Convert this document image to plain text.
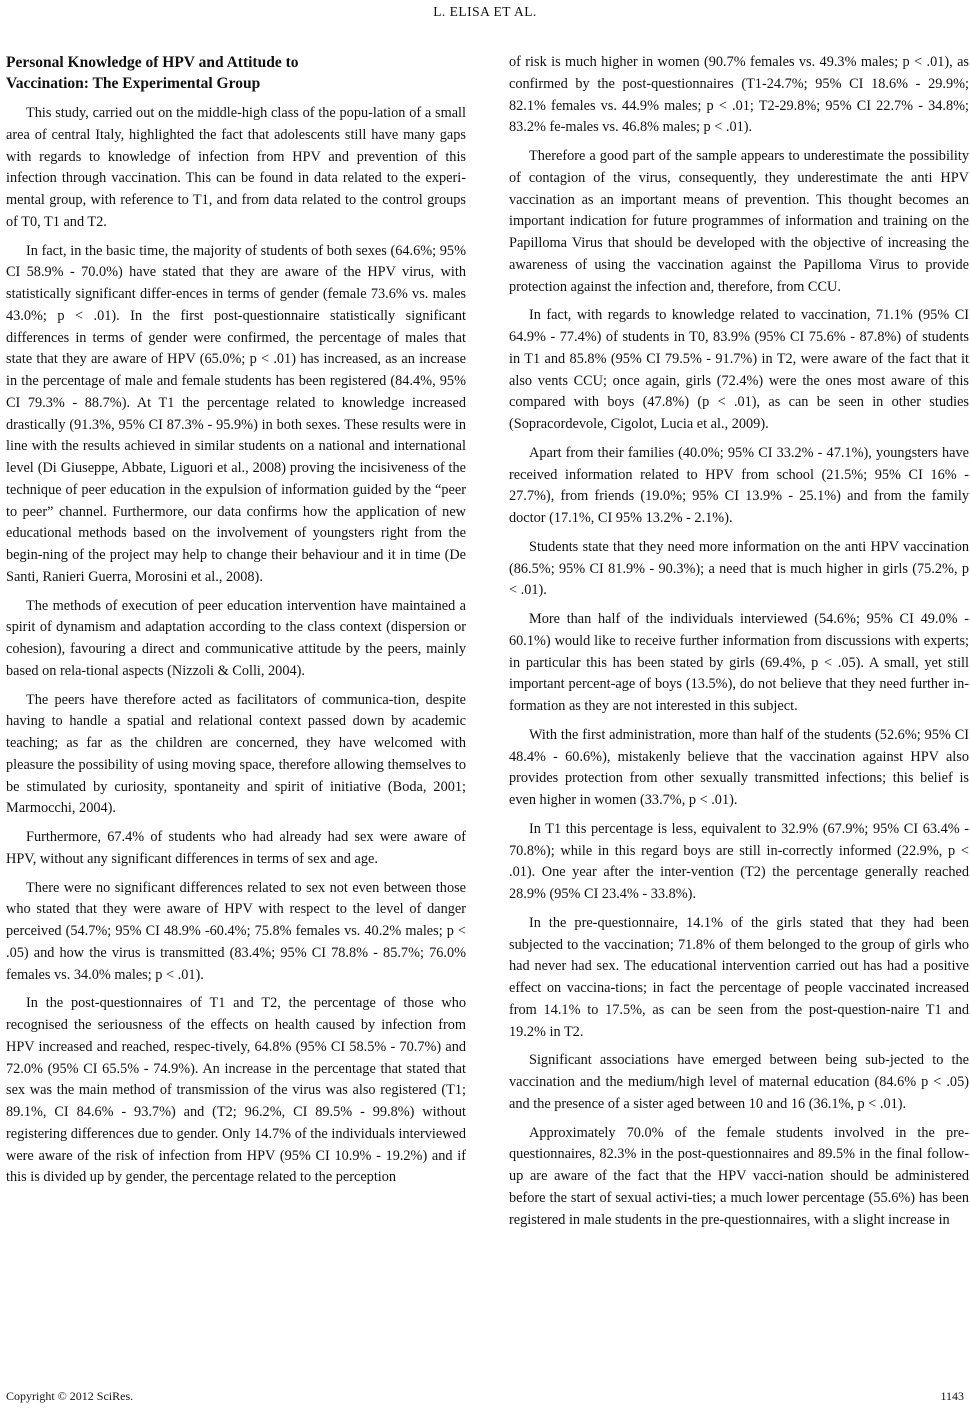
L. ELISA ET AL.
Personal Knowledge of HPV and Attitude to
Vaccination: The Experimental Group
This study, carried out on the middle-high class of the popu-lation of a small area of central Italy, highlighted the fact that adolescents still have many gaps with regards to knowledge of infection from HPV and prevention of this infection through vaccination. This can be found in data related to the experi-mental group, with reference to T1, and from data related to the control groups of T0, T1 and T2.
In fact, in the basic time, the majority of students of both sexes (64.6%; 95% CI 58.9% - 70.0%) have stated that they are aware of the HPV virus, with statistically significant differ-ences in terms of gender (female 73.6% vs. males 43.0%; p < .01). In the first post-questionnaire statistically significant differences in terms of gender were confirmed, the percentage of males that state that they are aware of HPV (65.0%; p < .01) has increased, as an increase in the percentage of male and female students has been registered (84.4%, 95% CI 79.3% - 88.7%). At T1 the percentage related to knowledge increased drastically (91.3%, 95% CI 87.3% - 95.9%) in both sexes. These results were in line with the results achieved in similar students on a national and international level (Di Giuseppe, Abbate, Liguori et al., 2008) proving the incisiveness of the technique of peer education in the expulsion of information guided by the “peer to peer” channel. Furthermore, our data confirms how the application of new educational methods based on the involvement of youngsters right from the begin-ning of the project may help to change their behaviour and it in time (De Santi, Ranieri Guerra, Morosini et al., 2008).
The methods of execution of peer education intervention have maintained a spirit of dynamism and adaptation according to the class context (dispersion or cohesion), favouring a direct and communicative attitude by the peers, mainly based on rela-tional aspects (Nizzoli & Colli, 2004).
The peers have therefore acted as facilitators of communica-tion, despite having to handle a spatial and relational context passed down by academic teaching; as far as the children are concerned, they have welcomed with pleasure the possibility of using moving space, therefore allowing themselves to be stimulated by curiosity, spontaneity and spirit of initiative (Boda, 2001; Marmocchi, 2004).
Furthermore, 67.4% of students who had already had sex were aware of HPV, without any significant differences in terms of sex and age.
There were no significant differences related to sex not even between those who stated that they were aware of HPV with respect to the level of danger perceived (54.7%; 95% CI 48.9% -60.4%; 75.8% females vs. 40.2% males; p < .05) and how the virus is transmitted (83.4%; 95% CI 78.8% - 85.7%; 76.0% females vs. 34.0% males; p < .01).
In the post-questionnaires of T1 and T2, the percentage of those who recognised the seriousness of the effects on health caused by infection from HPV increased and reached, respec-tively, 64.8% (95% CI 58.5% - 70.7%) and 72.0% (95% CI 65.5% - 74.9%). An increase in the percentage that stated that sex was the main method of transmission of the virus was also registered (T1; 89.1%, CI 84.6% - 93.7%) and (T2; 96.2%, CI 89.5% - 99.8%) without registering differences due to gender. Only 14.7% of the individuals interviewed were aware of the risk of infection from HPV (95% CI 10.9% - 19.2%) and if this is divided up by gender, the percentage related to the perception
of risk is much higher in women (90.7% females vs. 49.3% males; p < .01), as confirmed by the post-questionnaires (T1-24.7%; 95% CI 18.6% - 29.9%; 82.1% females vs. 44.9% males; p < .01; T2-29.8%; 95% CI 22.7% - 34.8%; 83.2% fe-males vs. 46.8% males; p < .01).
Therefore a good part of the sample appears to underestimate the possibility of contagion of the virus, consequently, they underestimate the anti HPV vaccination as an important means of prevention. This thought becomes an important indication for future programmes of information and training on the Papilloma Virus that should be developed with the objective of increasing the awareness of using the vaccination against the Papilloma Virus to provide protection against the infection and, therefore, from CCU.
In fact, with regards to knowledge related to vaccination, 71.1% (95% CI 64.9% - 77.4%) of students in T0, 83.9% (95% CI 75.6% - 87.8%) of students in T1 and 85.8% (95% CI 79.5% - 91.7%) in T2, were aware of the fact that it also vents CCU; once again, girls (72.4%) were the ones most aware of this compared with boys (47.8%) (p < .01), as can be seen in other studies (Sopracordevole, Cigolot, Lucia et al., 2009).
Apart from their families (40.0%; 95% CI 33.2% - 47.1%), youngsters have received information related to HPV from school (21.5%; 95% CI 16% - 27.7%), from friends (19.0%; 95% CI 13.9% - 25.1%) and from the family doctor (17.1%, CI 95% 13.2% - 2.1%).
Students state that they need more information on the anti HPV vaccination (86.5%; 95% CI 81.9% - 90.3%); a need that is much higher in girls (75.2%, p < .01).
More than half of the individuals interviewed (54.6%; 95% CI 49.0% - 60.1%) would like to receive further information from discussions with experts; in particular this has been stated by girls (69.4%, p < .05). A small, yet still important percent-age of boys (13.5%), do not believe that they need further in-formation as they are not interested in this subject.
With the first administration, more than half of the students (52.6%; 95% CI 48.4% - 60.6%), mistakenly believe that the vaccination against HPV also provides protection from other sexually transmitted infections; this belief is even higher in women (33.7%, p < .01).
In T1 this percentage is less, equivalent to 32.9% (67.9%; 95% CI 63.4% - 70.8%); while in this regard boys are still in-correctly informed (22.9%, p < .01). One year after the inter-vention (T2) the percentage generally reached 28.9% (95% CI 23.4% - 33.8%).
In the pre-questionnaire, 14.1% of the girls stated that they had been subjected to the vaccination; 71.8% of them belonged to the group of girls who had never had sex. The educational intervention carried out has had a positive effect on vaccina-tions; in fact the percentage of people vaccinated increased from 14.1% to 17.5%, as can be seen from the post-question-naire T1 and 19.2% in T2.
Significant associations have emerged between being sub-jected to the vaccination and the medium/high level of maternal education (84.6% p < .05) and the presence of a sister aged between 10 and 16 (36.1%, p < .01).
Approximately 70.0% of the female students involved in the pre-questionnaires, 82.3% in the post-questionnaires and 89.5% in the final follow-up are aware of the fact that the HPV vacci-nation should be administered before the start of sexual activi-ties; a much lower percentage (55.6%) has been registered in male students in the pre-questionnaires, with a slight increase in
Copyright © 2012 SciRes.	1143
